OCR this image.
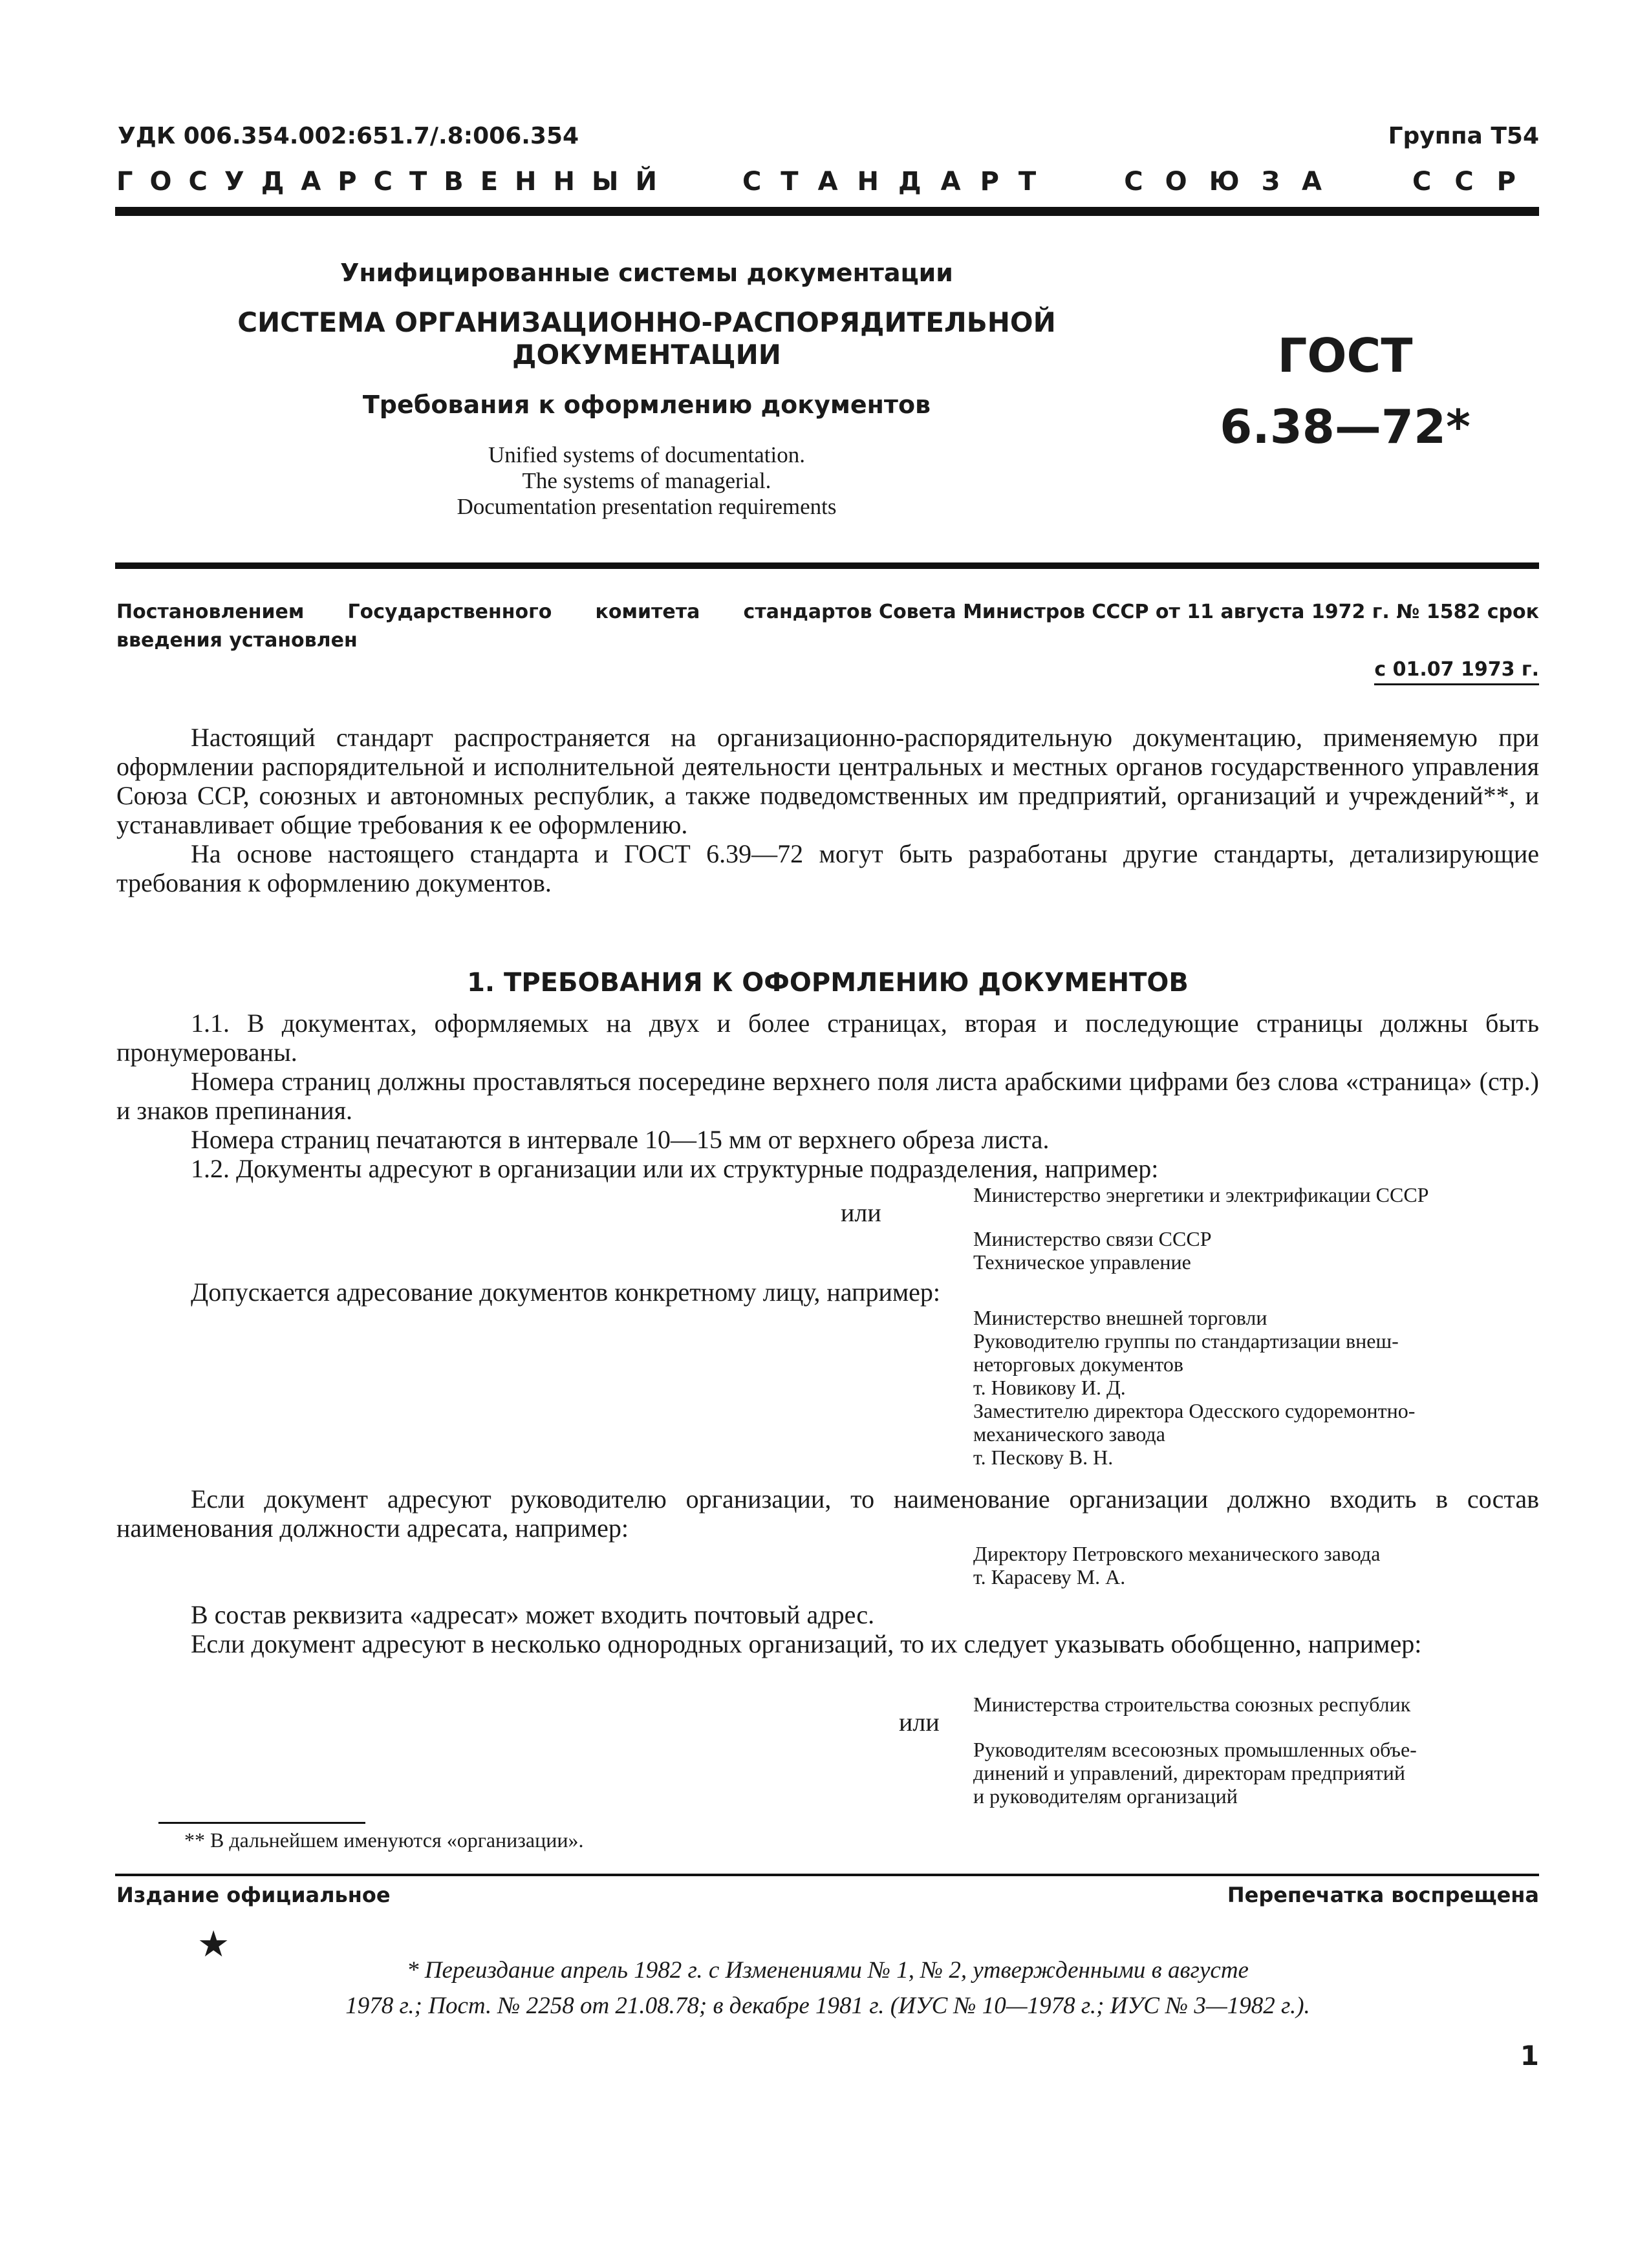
УДК 006.354.002:651.7/.8:006.354	Группа Т54
ГОСУДАРСТВЕННЫЙ	СТАНДАРТ	СОЮЗА	ССР
Унифицированные системы документации
СИСТЕМА ОРГАНИЗАЦИОННО-РАСПОРЯДИТЕЛЬНОЙ
ДОКУМЕНТАЦИИ
Требования к оформлению документов
Unified systems of documentation.
The systems of managerial.
Documentation presentation requirements
ГОСТ
6.38—72*
Постановлением Государственного комитета стандартов Совета Министров СССР от 11 августа 1972 г. № 1582 срок
введения установлен
с 01.07 1973 г.
Настоящий стандарт распространяется на организационно-распорядительную документацию, применяемую при оформлении распорядительной и исполнительной деятельности центральных и местных органов государственного управления Союза ССР, союзных и автономных республик, а также подведомственных им предприятий, организаций и учреждений**, и устанавливает общие требования к ее оформлению.
На основе настоящего стандарта и ГОСТ 6.39—72 могут быть разработаны другие стандарты, детализирующие требования к оформлению документов.
1. ТРЕБОВАНИЯ К ОФОРМЛЕНИЮ ДОКУМЕНТОВ
1.1. В документах, оформляемых на двух и более страницах, вторая и последующие страницы должны быть пронумерованы.
Номера страниц должны проставляться посередине верхнего поля листа арабскими цифрами без слова «страница» (стр.) и знаков препинания.
Номера страниц печатаются в интервале 10—15 мм от верхнего обреза листа.
1.2. Документы адресуют в организации или их структурные подразделения, например:
Министерство энергетики и электрификации СССР
или
Министерство связи СССР
Техническое управление
Допускается адресование документов конкретному лицу, например:
Министерство внешней торговли
Руководителю группы по стандартизации внеш-
неторговых документов
т. Новикову И. Д.
Заместителю директора Одесского судоремонтно-
механического завода
т. Пескову В. Н.
Если документ адресуют руководителю организации, то наименование организации должно входить в состав наименования должности адресата, например:
Директору Петровского механического завода
т. Карасеву М. А.
В состав реквизита «адресат» может входить почтовый адрес.
Если документ адресуют в несколько однородных организаций, то их следует указывать обобщенно, например:
Министерства строительства союзных республик
или
Руководителям всесоюзных промышленных объе-
динений и управлений, директорам предприятий
и руководителям организаций
** В дальнейшем именуются «организации».
Издание официальное	Перепечатка воспрещена
★
* Переиздание апрель 1982 г. с Изменениями № 1, № 2, утвержденными в августе
1978 г.; Пост. № 2258 от 21.08.78; в декабре 1981 г. (ИУС № 10—1978 г.; ИУС № 3—1982 г.).
1
